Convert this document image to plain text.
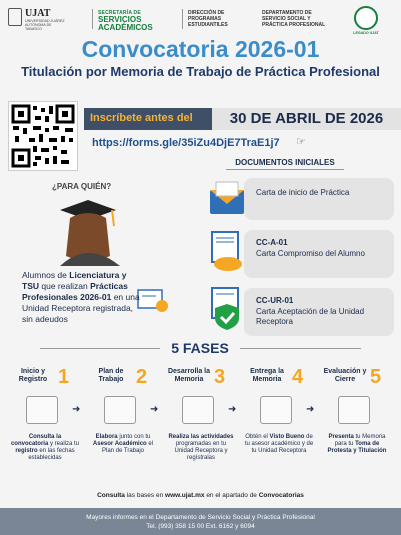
UJAT
UNIVERSIDAD JUÁREZ
AUTÓNOMA DE TABASCO
SECRETARÍA DE
SERVICIOS
ACADÉMICOS
DIRECCIÓN DE
PROGRAMAS
ESTUDIANTILES
DEPARTAMENTO DE
SERVICIO SOCIAL Y
PRÁCTICA PROFESIONAL
LEGADO UJAT
Convocatoria 2026-01
Titulación por Memoria de Trabajo de Práctica Profesional
Inscríbete antes del	30 DE ABRIL DE 2026
https://forms.gle/35iZu4DjE7TraE1j7 ☞
DOCUMENTOS INICIALES
Carta de inicio de Práctica
CC-A-01
Carta Compromiso del Alumno
CC-UR-01
Carta Aceptación de la Unidad Receptora
¿PARA QUIÉN?
Alumnos de Licenciatura y TSU que realizan Prácticas Profesionales 2026-01 en una Unidad Receptora registrada, sin adeudos
5 FASES
Inicio y Registro 1
Consulta la convocatoria y realiza tu registro en las fechas establecidas
➜
Plan de Trabajo 2
Elabora junto con tu Asesor Académico el Plan de Trabajo
➜
Desarrolla la Memoria 3
Realiza las actividades programadas en tu Unidad Receptora y regístralas
➜
Entrega la Memoria 4
Obtén el Visto Bueno de tu asesor académico y de tu Unidad Receptora
➜
Evaluación y Cierre 5
Presenta tu Memoria para tu Toma de Protesta y Titulación
Consulta las bases en www.ujat.mx en el apartado de Convocatorias
Mayores informes en el Departamento de Servicio Social y Práctica Profesional
Tel. (993) 358 15 00 Ext. 6162 y 6094
